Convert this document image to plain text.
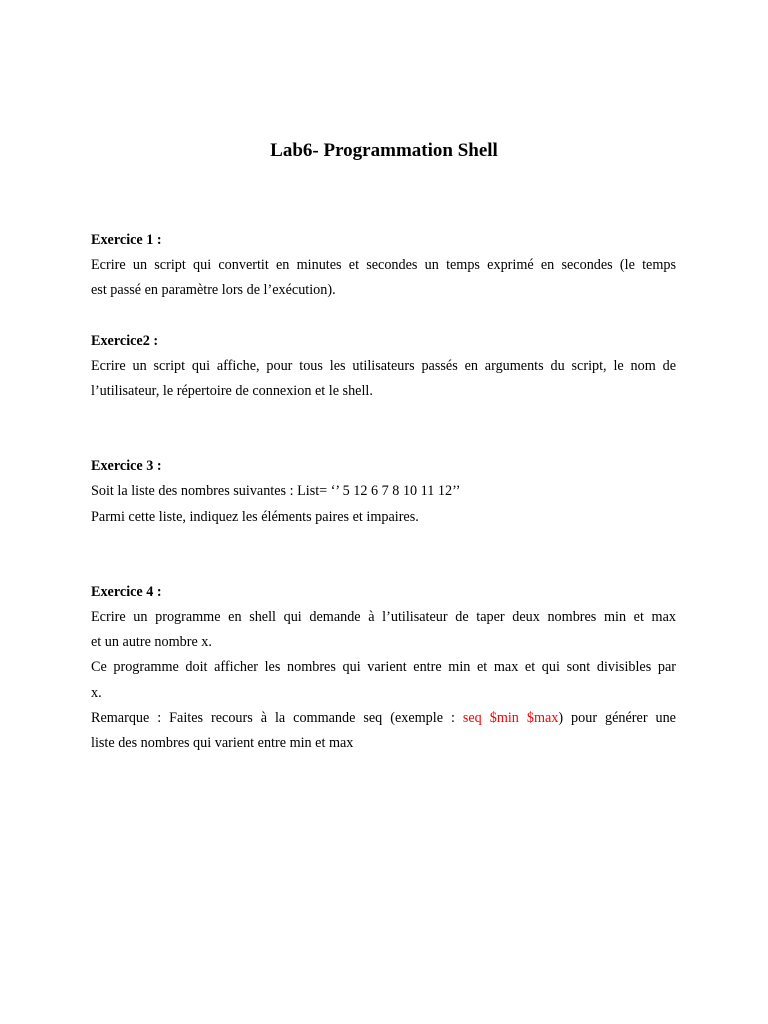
Lab6- Programmation Shell
Exercice 1 :
Ecrire un script qui convertit en minutes et secondes un temps exprimé en secondes (le temps
est passé en paramètre lors de l’exécution).
Exercice2 :
Ecrire un script qui affiche, pour tous les utilisateurs passés en arguments du script, le nom de
l’utilisateur, le répertoire de connexion et le shell.
Exercice 3 :
Soit la liste des nombres suivantes : List= ‘’ 5 12 6 7 8 10 11 12’’
Parmi cette liste, indiquez les éléments paires et impaires.
Exercice 4 :
Ecrire un programme en shell qui demande à l’utilisateur de taper deux nombres min et max
et un autre nombre x.
Ce programme doit afficher les nombres qui varient entre min et max et qui sont divisibles par
x.
Remarque : Faites recours à la commande seq (exemple : seq $min $max) pour générer une
liste des nombres qui varient entre min et max
